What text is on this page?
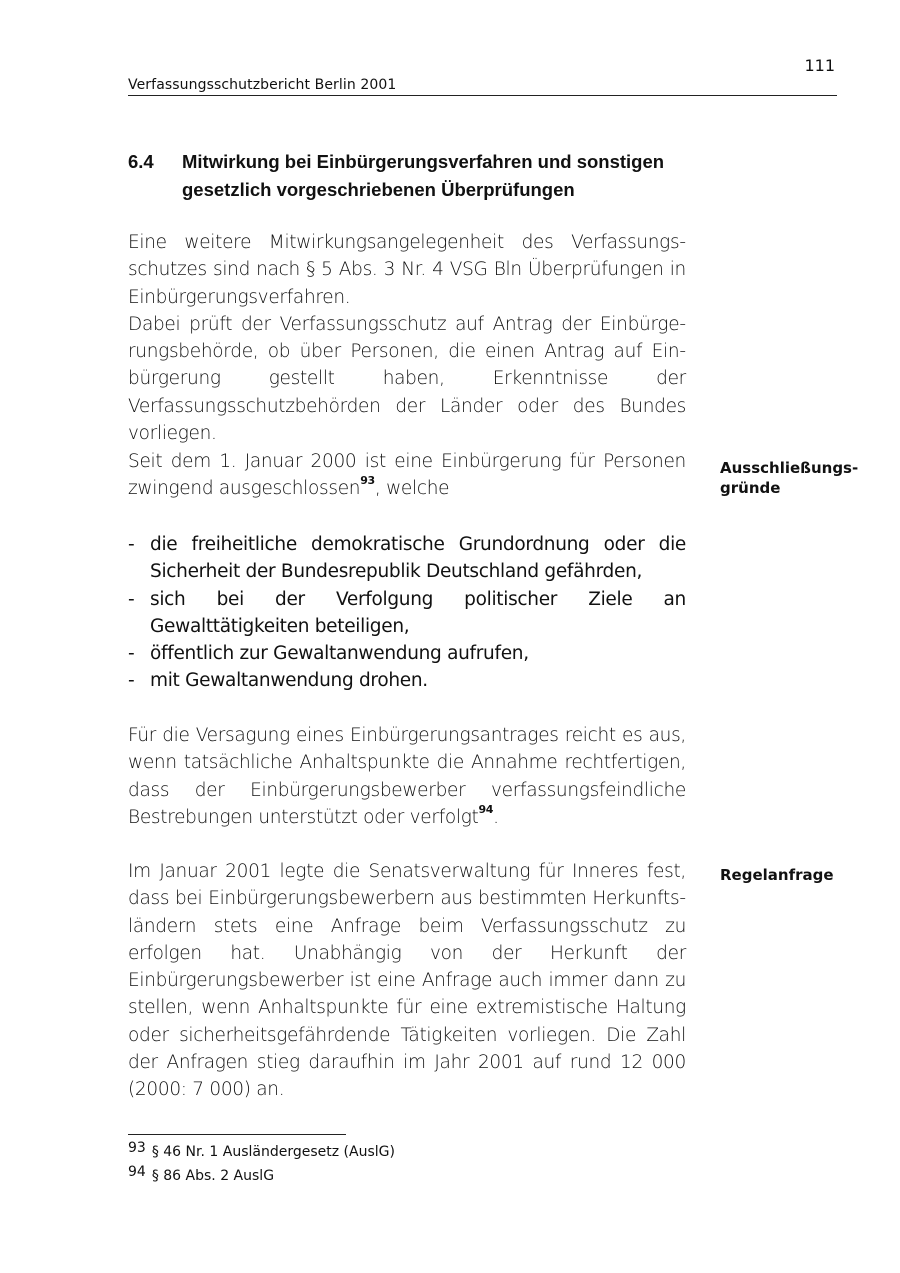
111
Verfassungsschutzbericht Berlin 2001
6.4 Mitwirkung bei Einbürgerungsverfahren und sonstigen
gesetzlich vorgeschriebenen Überprüfungen

Eine weitere Mitwirkungsangelegenheit des Verfassungsschutzes sind nach § 5 Abs. 3 Nr. 4 VSG Bln Überprüfungen in Einbürgerungsverfahren.

Dabei prüft der Verfassungsschutz auf Antrag der Einbürgerungsbehörde, ob über Personen, die einen Antrag auf Einbürgerung gestellt haben, Erkenntnisse der Verfassungsschutzbehörden der Länder oder des Bundes vorliegen.

Seit dem 1. Januar 2000 ist eine Einbürgerung für Personen zwingend ausgeschlossen$^{93}$, welche

- die freiheitliche demokratische Grundordnung oder die Sicherheit der Bundesrepublik Deutschland gefährden,
- sich bei der Verfolgung politischer Ziele an Gewalttätigkeiten beteiligen,
- öffentlich zur Gewaltanwendung aufrufen,
- mit Gewaltanwendung drohen.

Für die Versagung eines Einbürgerungsantrages reicht es aus, wenn tatsächliche Anhaltspunkte die Annahme rechtfertigen, dass der Einbürgerungsbewerber verfassungsfeindliche Bestrebungen unterstützt oder verfolgt$^{94}$.

Im Januar 2001 legte die Senatsverwaltung für Inneres fest, dass bei Einbürgerungsbewerbern aus bestimmten Herkunftsländern stets eine Anfrage beim Verfassungsschutz zu erfolgen hat. Unabhängig von der Herkunft der Einbürgerungsbewerber ist eine Anfrage auch immer dann zu stellen, wenn Anhaltspunkte für eine extremistische Haltung oder sicherheitsgefährdende Tätigkeiten vorliegen. Die Zahl der Anfragen stieg daraufhin im Jahr 2001 auf rund 12 000 (2000: 7 000) an.

Ausschließungs-
gründe
Regelanfrage
93 § 46 Nr. 1 Ausländergesetz (AuslG)
94 § 86 Abs. 2 AuslG
